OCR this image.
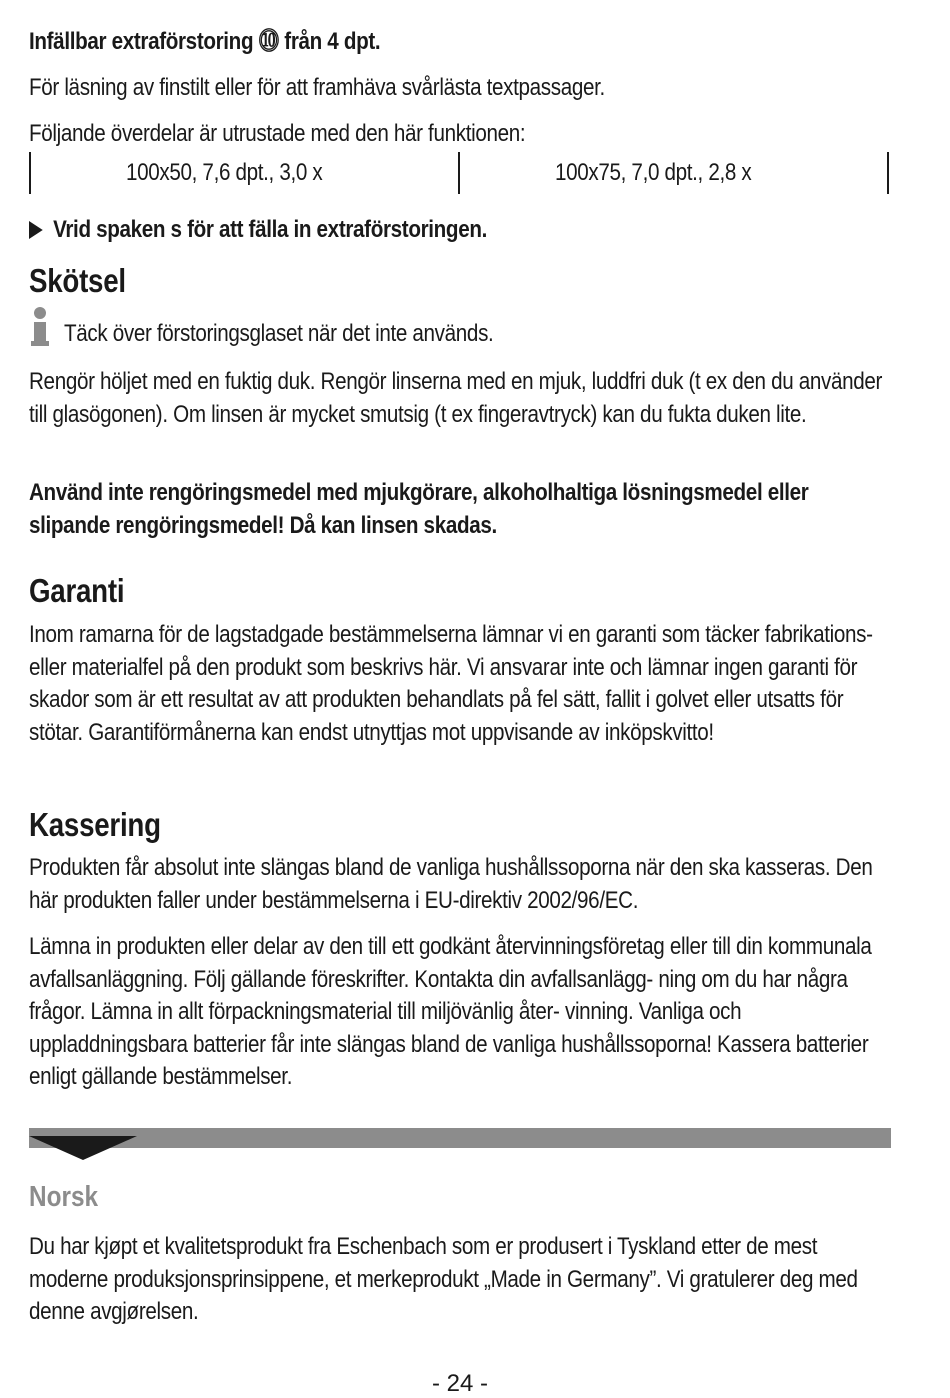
Infällbar extraförstoring ⓾ från 4 dpt.

För läsning av finstilt eller för att framhäva svårlästa textpassager.

Följande överdelar är utrustade med den här funktionen:

100x50, 7,6 dpt., 3,0 x	100x75, 7,0 dpt., 2,8 x

Vrid spaken s för att fälla in extraförstoringen.

Skötsel

Täck över förstoringsglaset när det inte används.

Rengör höljet med en fuktig duk. Rengör linserna med en mjuk, luddfri duk (t ex den du använder till glasögonen). Om linsen är mycket smutsig (t ex fingeravtryck) kan du fukta duken lite.

Använd inte rengöringsmedel med mjukgörare, alkoholhaltiga lösningsmedel eller slipande rengöringsmedel! Då kan linsen skadas.

Garanti

Inom ramarna för de lagstadgade bestämmelserna lämnar vi en garanti som täcker fabrikations- eller materialfel på den produkt som beskrivs här. Vi ansvarar inte och lämnar ingen garanti för skador som är ett resultat av att produkten behandlats på fel sätt, fallit i golvet eller utsatts för stötar. Garantiförmånerna kan endst utnyttjas mot uppvisande av inköpskvitto!

Kassering

Produkten får absolut inte slängas bland de vanliga hushållssoporna när den ska kasseras. Den här produkten faller under bestämmelserna i EU-direktiv 2002/96/EC.

Lämna in produkten eller delar av den till ett godkänt återvinningsföretag eller till din kommunala avfallsanläggning. Följ gällande föreskrifter. Kontakta din avfallsanlägg- ning om du har några frågor. Lämna in allt förpackningsmaterial till miljövänlig åter- vinning. Vanliga och uppladdningsbara batterier får inte slängas bland de vanliga hushållssoporna! Kassera batterier enligt gällande bestämmelser.

Norsk

Du har kjøpt et kvalitetsprodukt fra Eschenbach som er produsert i Tyskland etter de mest moderne produksjonsprinsippene, et merkeprodukt „Made in Germany”. Vi gratulerer deg med denne avgjørelsen.

- 24 -
